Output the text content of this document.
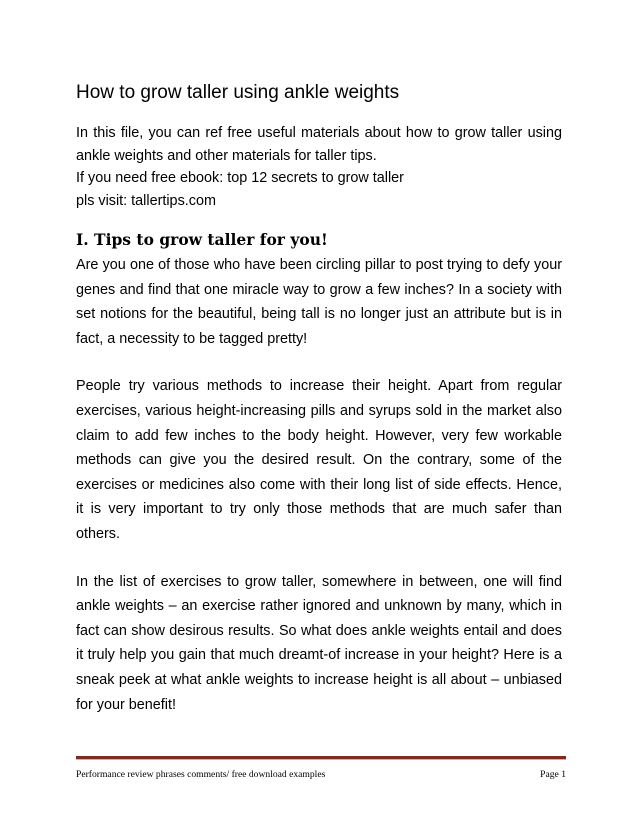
How to grow taller using ankle weights

In this file, you can ref free useful materials about how to grow taller using ankle weights and other materials for taller tips.

If you need free ebook: top 12 secrets to grow taller

pls visit: tallertips.com

I. Tips to grow taller for you!

Are you one of those who have been circling pillar to post trying to defy your genes and find that one miracle way to grow a few inches? In a society with set notions for the beautiful, being tall is no longer just an attribute but is in fact, a necessity to be tagged pretty!

People try various methods to increase their height. Apart from regular exercises, various height-increasing pills and syrups sold in the market also claim to add few inches to the body height. However, very few workable methods can give you the desired result. On the contrary, some of the exercises or medicines also come with their long list of side effects. Hence, it is very important to try only those methods that are much safer than others.

In the list of exercises to grow taller, somewhere in between, one will find ankle weights – an exercise rather ignored and unknown by many, which in fact can show desirous results. So what does ankle weights entail and does it truly help you gain that much dreamt-of increase in your height? Here is a sneak peek at what ankle weights to increase height is all about – unbiased for your benefit!

Performance review phrases comments/ free download examples	Page 1
